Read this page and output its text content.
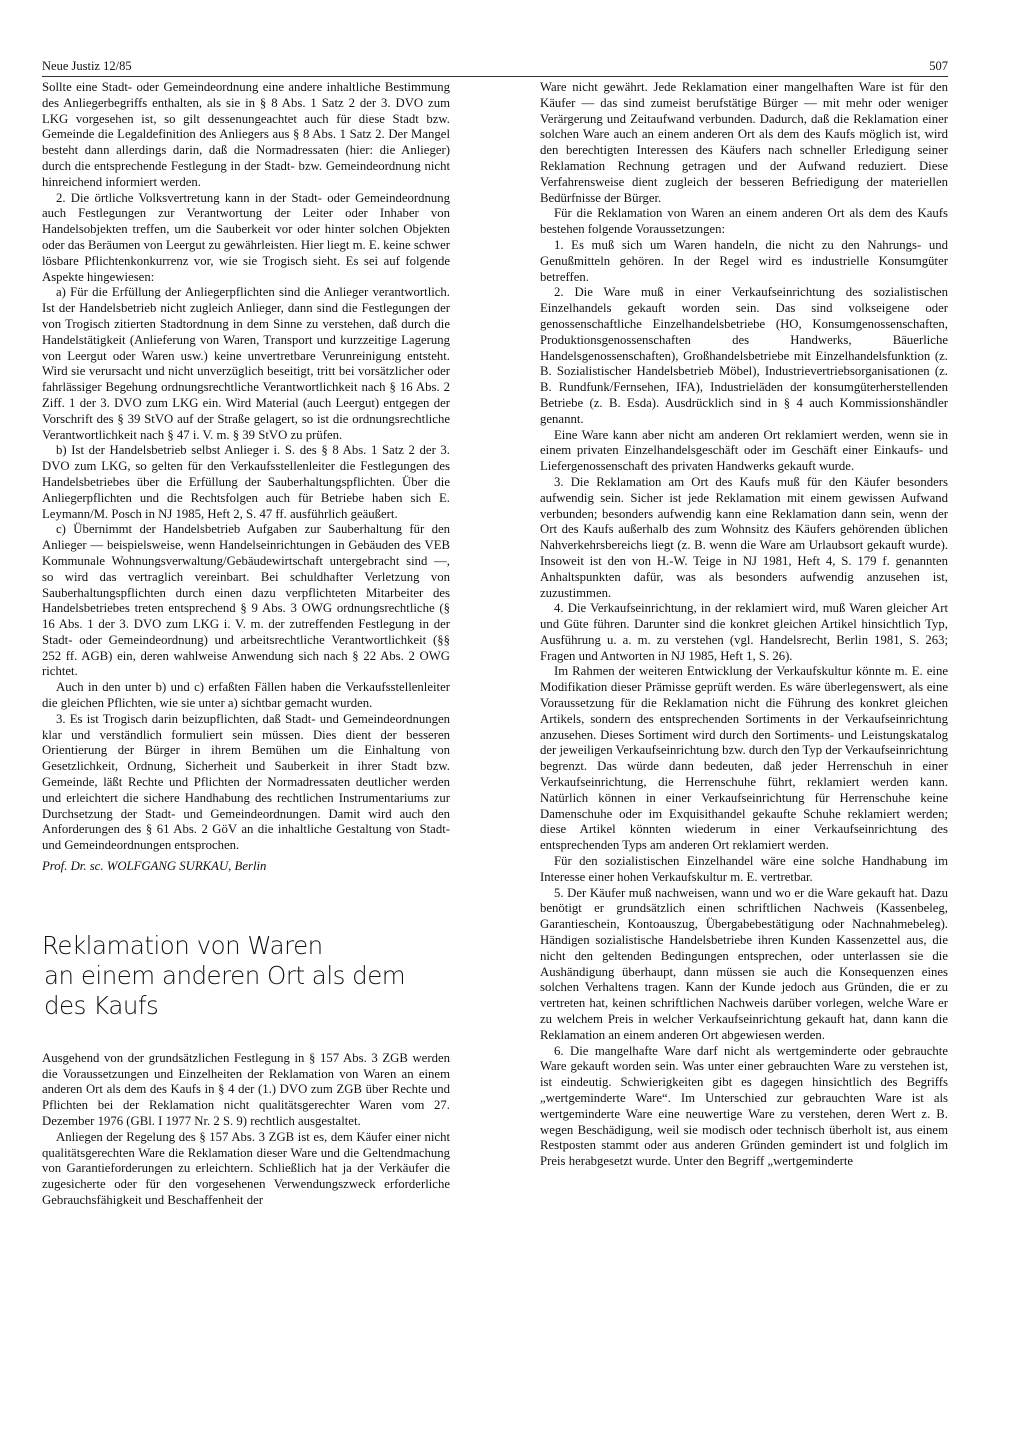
Neue Justiz 12/85	507

Sollte eine Stadt- oder Gemeindeordnung eine andere inhaltliche Bestimmung des Anliegerbegriffs enthalten, als sie in § 8 Abs. 1 Satz 2 der 3. DVO zum LKG vorgesehen ist, so gilt dessenungeachtet auch für diese Stadt bzw. Gemeinde die Legaldefinition des Anliegers aus § 8 Abs. 1 Satz 2. Der Mangel besteht dann allerdings darin, daß die Normadressaten (hier: die Anlieger) durch die entsprechende Festlegung in der Stadt- bzw. Gemeindeordnung nicht hinreichend informiert werden.

2. Die örtliche Volksvertretung kann in der Stadt- oder Gemeindeordnung auch Festlegungen zur Verantwortung der Leiter oder Inhaber von Handelsobjekten treffen, um die Sauberkeit vor oder hinter solchen Objekten oder das Beräumen von Leergut zu gewährleisten. Hier liegt m. E. keine schwer lösbare Pflichtenkonkurrenz vor, wie sie Trogisch sieht. Es sei auf folgende Aspekte hingewiesen:

a) Für die Erfüllung der Anliegerpflichten sind die Anlieger verantwortlich. Ist der Handelsbetrieb nicht zugleich Anlieger, dann sind die Festlegungen der von Trogisch zitierten Stadtordnung in dem Sinne zu verstehen, daß durch die Handelstätigkeit (Anlieferung von Waren, Transport und kurzzeitige Lagerung von Leergut oder Waren usw.) keine unvertretbare Verunreinigung entsteht. Wird sie verursacht und nicht unverzüglich beseitigt, tritt bei vorsätzlicher oder fahrlässiger Begehung ordnungsrechtliche Verantwortlichkeit nach § 16 Abs. 2 Ziff. 1 der 3. DVO zum LKG ein. Wird Material (auch Leergut) entgegen der Vorschrift des § 39 StVO auf der Straße gelagert, so ist die ordnungsrechtliche Verantwortlichkeit nach § 47 i. V. m. § 39 StVO zu prüfen.

b) Ist der Handelsbetrieb selbst Anlieger i. S. des § 8 Abs. 1 Satz 2 der 3. DVO zum LKG, so gelten für den Verkaufsstellenleiter die Festlegungen des Handelsbetriebes über die Erfüllung der Sauberhaltungspflichten. Über die Anliegerpflichten und die Rechtsfolgen auch für Betriebe haben sich E. Leymann/M. Posch in NJ 1985, Heft 2, S. 47 ff. ausführlich geäußert.

c) Übernimmt der Handelsbetrieb Aufgaben zur Sauberhaltung für den Anlieger — beispielsweise, wenn Handelseinrichtungen in Gebäuden des VEB Kommunale Wohnungsverwaltung/Gebäudewirtschaft untergebracht sind —, so wird das vertraglich vereinbart. Bei schuldhafter Verletzung von Sauberhaltungspflichten durch einen dazu verpflichteten Mitarbeiter des Handelsbetriebes treten entsprechend § 9 Abs. 3 OWG ordnungsrechtliche (§ 16 Abs. 1 der 3. DVO zum LKG i. V. m. der zutreffenden Festlegung in der Stadt- oder Gemeindeordnung) und arbeitsrechtliche Verantwortlichkeit (§§ 252 ff. AGB) ein, deren wahlweise Anwendung sich nach § 22 Abs. 2 OWG richtet.

Auch in den unter b) und c) erfaßten Fällen haben die Verkaufsstellenleiter die gleichen Pflichten, wie sie unter a) sichtbar gemacht wurden.

3. Es ist Trogisch darin beizupflichten, daß Stadt- und Gemeindeordnungen klar und verständlich formuliert sein müssen. Dies dient der besseren Orientierung der Bürger in ihrem Bemühen um die Einhaltung von Gesetzlichkeit, Ordnung, Sicherheit und Sauberkeit in ihrer Stadt bzw. Gemeinde, läßt Rechte und Pflichten der Normadressaten deutlicher werden und erleichtert die sichere Handhabung des rechtlichen Instrumentariums zur Durchsetzung der Stadt- und Gemeindeordnungen. Damit wird auch den Anforderungen des § 61 Abs. 2 GöV an die inhaltliche Gestaltung von Stadt- und Gemeindeordnungen entsprochen.

Prof. Dr. sc. WOLFGANG SURKAU, Berlin

Reklamation von Waren
an einem anderen Ort als dem des Kaufs

Ausgehend von der grundsätzlichen Festlegung in § 157 Abs. 3 ZGB werden die Voraussetzungen und Einzelheiten der Reklamation von Waren an einem anderen Ort als dem des Kaufs in § 4 der (1.) DVO zum ZGB über Rechte und Pflichten bei der Reklamation nicht qualitätsgerechter Waren vom 27. Dezember 1976 (GBl. I 1977 Nr. 2 S. 9) rechtlich ausgestaltet.

Anliegen der Regelung des § 157 Abs. 3 ZGB ist es, dem Käufer einer nicht qualitätsgerechten Ware die Reklamation dieser Ware und die Geltendmachung von Garantieforderungen zu erleichtern. Schließlich hat ja der Verkäufer die zugesicherte oder für den vorgesehenen Verwendungszweck erforderliche Gebrauchsfähigkeit und Beschaffenheit der

Ware nicht gewährt. Jede Reklamation einer mangelhaften Ware ist für den Käufer — das sind zumeist berufstätige Bürger — mit mehr oder weniger Verärgerung und Zeitaufwand verbunden. Dadurch, daß die Reklamation einer solchen Ware auch an einem anderen Ort als dem des Kaufs möglich ist, wird den berechtigten Interessen des Käufers nach schneller Erledigung seiner Reklamation Rechnung getragen und der Aufwand reduziert. Diese Verfahrensweise dient zugleich der besseren Befriedigung der materiellen Bedürfnisse der Bürger.

Für die Reklamation von Waren an einem anderen Ort als dem des Kaufs bestehen folgende Voraussetzungen:

1. Es muß sich um Waren handeln, die nicht zu den Nahrungs- und Genußmitteln gehören. In der Regel wird es industrielle Konsumgüter betreffen.

2. Die Ware muß in einer Verkaufseinrichtung des sozialistischen Einzelhandels gekauft worden sein. Das sind volkseigene oder genossenschaftliche Einzelhandelsbetriebe (HO, Konsumgenossenschaften, Produktionsgenossenschaften des Handwerks, Bäuerliche Handelsgenossenschaften), Großhandelsbetriebe mit Einzelhandelsfunktion (z. B. Sozialistischer Handelsbetrieb Möbel), Industrievertriebsorganisationen (z. B. Rundfunk/Fernsehen, IFA), Industrieläden der konsumgüterherstellenden Betriebe (z. B. Esda). Ausdrücklich sind in § 4 auch Kommissionshändler genannt.

Eine Ware kann aber nicht am anderen Ort reklamiert werden, wenn sie in einem privaten Einzelhandelsgeschäft oder im Geschäft einer Einkaufs- und Liefergenossenschaft des privaten Handwerks gekauft wurde.

3. Die Reklamation am Ort des Kaufs muß für den Käufer besonders aufwendig sein. Sicher ist jede Reklamation mit einem gewissen Aufwand verbunden; besonders aufwendig kann eine Reklamation dann sein, wenn der Ort des Kaufs außerhalb des zum Wohnsitz des Käufers gehörenden üblichen Nahverkehrsbereichs liegt (z. B. wenn die Ware am Urlaubsort gekauft wurde). Insoweit ist den von H.-W. Teige in NJ 1981, Heft 4, S. 179 f. genannten Anhaltspunkten dafür, was als besonders aufwendig anzusehen ist, zuzustimmen.

4. Die Verkaufseinrichtung, in der reklamiert wird, muß Waren gleicher Art und Güte führen. Darunter sind die konkret gleichen Artikel hinsichtlich Typ, Ausführung u. a. m. zu verstehen (vgl. Handelsrecht, Berlin 1981, S. 263; Fragen und Antworten in NJ 1985, Heft 1, S. 26).

Im Rahmen der weiteren Entwicklung der Verkaufskultur könnte m. E. eine Modifikation dieser Prämisse geprüft werden. Es wäre überlegenswert, als eine Voraussetzung für die Reklamation nicht die Führung des konkret gleichen Artikels, sondern des entsprechenden Sortiments in der Verkaufseinrichtung anzusehen. Dieses Sortiment wird durch den Sortiments- und Leistungskatalog der jeweiligen Verkaufseinrichtung bzw. durch den Typ der Verkaufseinrichtung begrenzt. Das würde dann bedeuten, daß jeder Herrenschuh in einer Verkaufseinrichtung, die Herrenschuhe führt, reklamiert werden kann. Natürlich können in einer Verkaufseinrichtung für Herrenschuhe keine Damenschuhe oder im Exquisithandel gekaufte Schuhe reklamiert werden; diese Artikel könnten wiederum in einer Verkaufseinrichtung des entsprechenden Typs am anderen Ort reklamiert werden.

Für den sozialistischen Einzelhandel wäre eine solche Handhabung im Interesse einer hohen Verkaufskultur m. E. vertretbar.

5. Der Käufer muß nachweisen, wann und wo er die Ware gekauft hat. Dazu benötigt er grundsätzlich einen schriftlichen Nachweis (Kassenbeleg, Garantieschein, Kontoauszug, Übergabebestätigung oder Nachnahmebeleg). Händigen sozialistische Handelsbetriebe ihren Kunden Kassenzettel aus, die nicht den geltenden Bedingungen entsprechen, oder unterlassen sie die Aushändigung überhaupt, dann müssen sie auch die Konsequenzen eines solchen Verhaltens tragen. Kann der Kunde jedoch aus Gründen, die er zu vertreten hat, keinen schriftlichen Nachweis darüber vorlegen, welche Ware er zu welchem Preis in welcher Verkaufseinrichtung gekauft hat, dann kann die Reklamation an einem anderen Ort abgewiesen werden.

6. Die mangelhafte Ware darf nicht als wertgeminderte oder gebrauchte Ware gekauft worden sein. Was unter einer gebrauchten Ware zu verstehen ist, ist eindeutig. Schwierigkeiten gibt es dagegen hinsichtlich des Begriffs „wertgeminderte Ware“. Im Unterschied zur gebrauchten Ware ist als wertgeminderte Ware eine neuwertige Ware zu verstehen, deren Wert z. B. wegen Beschädigung, weil sie modisch oder technisch überholt ist, aus einem Restposten stammt oder aus anderen Gründen gemindert ist und folglich im Preis herabgesetzt wurde. Unter den Begriff „wertgeminderte
